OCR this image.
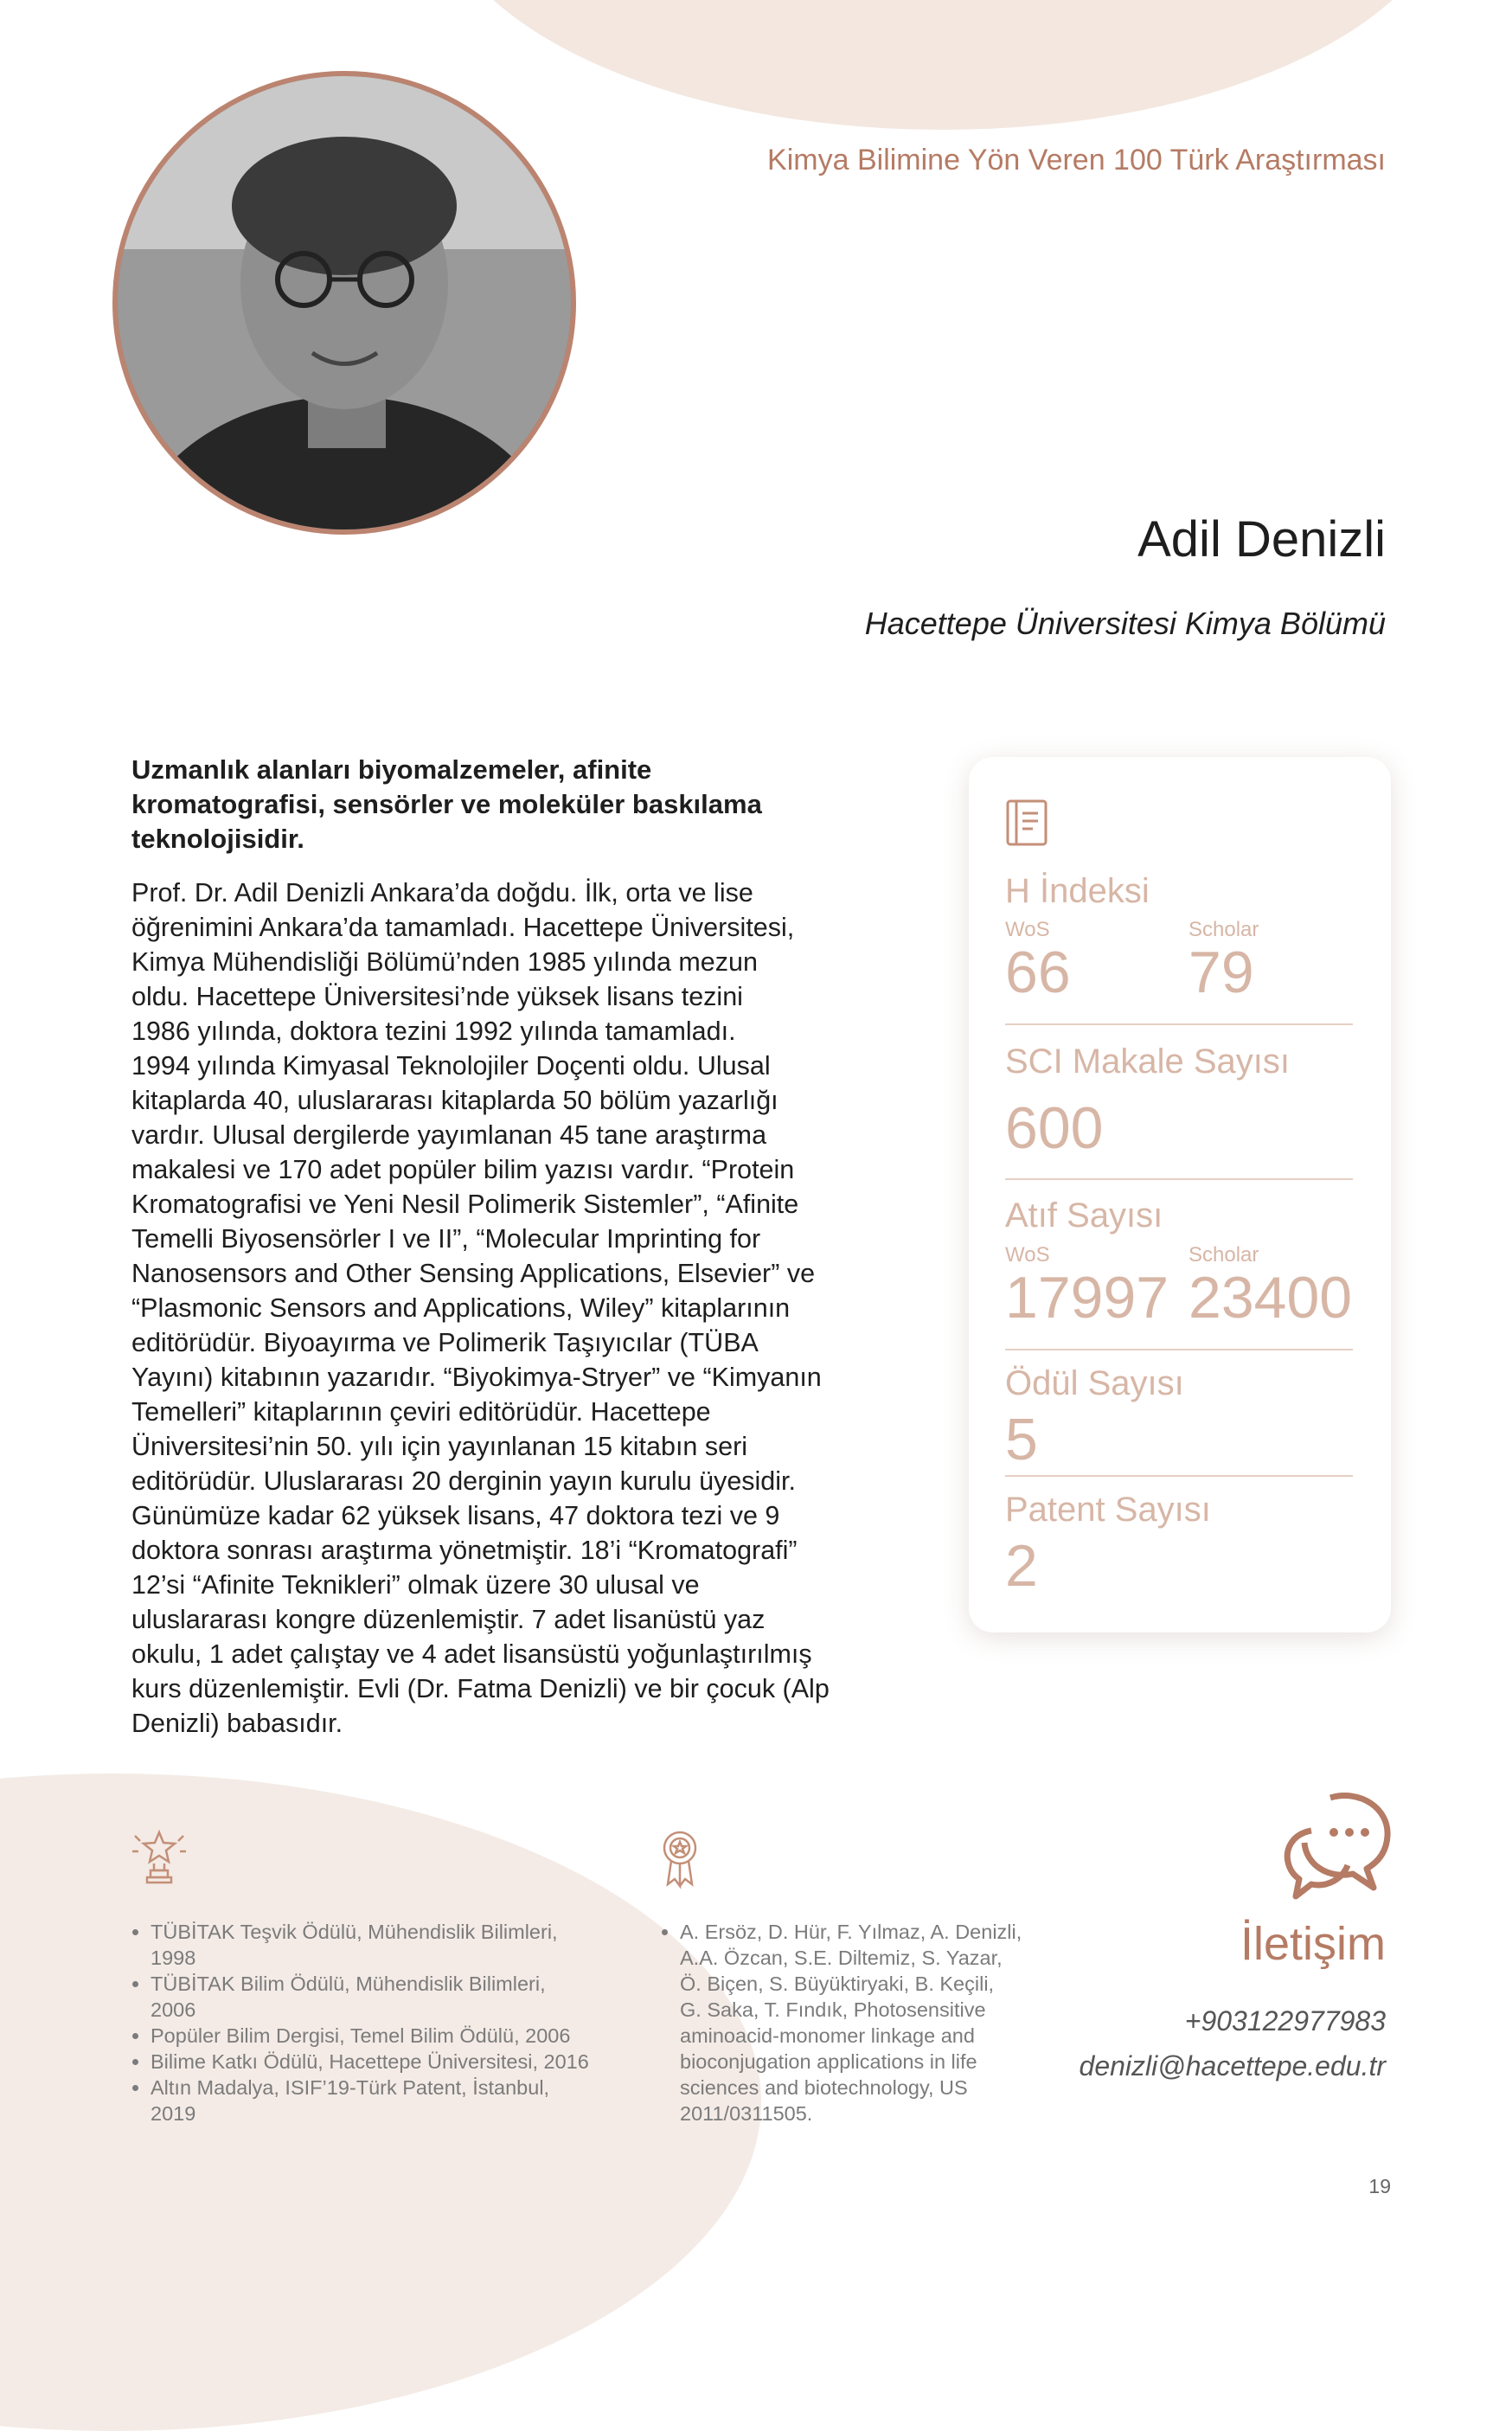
Kimya Bilimine Yön Veren 100 Türk Araştırması
Adil Denizli
Hacettepe Üniversitesi Kimya Bölümü
Uzmanlık alanları biyomalzemeler, afinite kromatografisi, sensörler ve moleküler baskılama teknolojisidir.
Prof. Dr. Adil Denizli Ankara’da doğdu. İlk, orta ve lise
öğrenimini Ankara’da tamamladı. Hacettepe Üniversitesi,
Kimya Mühendisliği Bölümü’nden 1985 yılında mezun
oldu. Hacettepe Üniversitesi’nde yüksek lisans tezini
1986 yılında, doktora tezini 1992 yılında tamamladı.
1994 yılında Kimyasal Teknolojiler Doçenti oldu. Ulusal
kitaplarda 40, uluslararası kitaplarda 50 bölüm yazarlığı
vardır. Ulusal dergilerde yayımlanan 45 tane araştırma
makalesi ve 170 adet popüler bilim yazısı vardır. “Protein
Kromatografisi ve Yeni Nesil Polimerik Sistemler”, “Afinite
Temelli Biyosensörler I ve II”, “Molecular Imprinting for
Nanosensors and Other Sensing Applications, Elsevier” ve
“Plasmonic Sensors and Applications, Wiley” kitaplarının
editörüdür. Biyoayırma ve Polimerik Taşıyıcılar (TÜBA
Yayını) kitabının yazarıdır. “Biyokimya-Stryer” ve “Kimyanın
Temelleri” kitaplarının çeviri editörüdür. Hacettepe
Üniversitesi’nin 50. yılı için yayınlanan 15 kitabın seri
editörüdür. Uluslararası 20 derginin yayın kurulu üyesidir.
Günümüze kadar 62 yüksek lisans, 47 doktora tezi ve 9
doktora sonrası araştırma yönetmiştir. 18’i “Kromatografi”
12’si “Afinite Teknikleri” olmak üzere 30 ulusal ve
uluslararası kongre düzenlemiştir. 7 adet lisanüstü yaz
okulu, 1 adet çalıştay ve 4 adet lisansüstü yoğunlaştırılmış
kurs düzenlemiştir. Evli (Dr. Fatma Denizli) ve bir çocuk (Alp
Denizli) babasıdır.
H İndeksi
WoS	Scholar
66 79
SCI Makale Sayısı
600
Atıf Sayısı
WoS	Scholar
17997 23400
Ödül Sayısı
5
Patent Sayısı
2
• TÜBİTAK Teşvik Ödülü, Mühendislik Bilimleri,
1998
• TÜBİTAK Bilim Ödülü, Mühendislik Bilimleri,
2006
• Popüler Bilim Dergisi, Temel Bilim Ödülü, 2006
• Bilime Katkı Ödülü, Hacettepe Üniversitesi, 2016
• Altın Madalya, ISIF’19-Türk Patent, İstanbul,
2019
• A. Ersöz, D. Hür, F. Yılmaz, A. Denizli,
A.A. Özcan, S.E. Diltemiz, S. Yazar,
Ö. Biçen, S. Büyüktiryaki, B. Keçili,
G. Saka, T. Fındık, Photosensitive
aminoacid-monomer linkage and
bioconjugation applications in life
sciences and biotechnology, US
2011/0311505.
İletişim
+903122977983
denizli@hacettepe.edu.tr
19
